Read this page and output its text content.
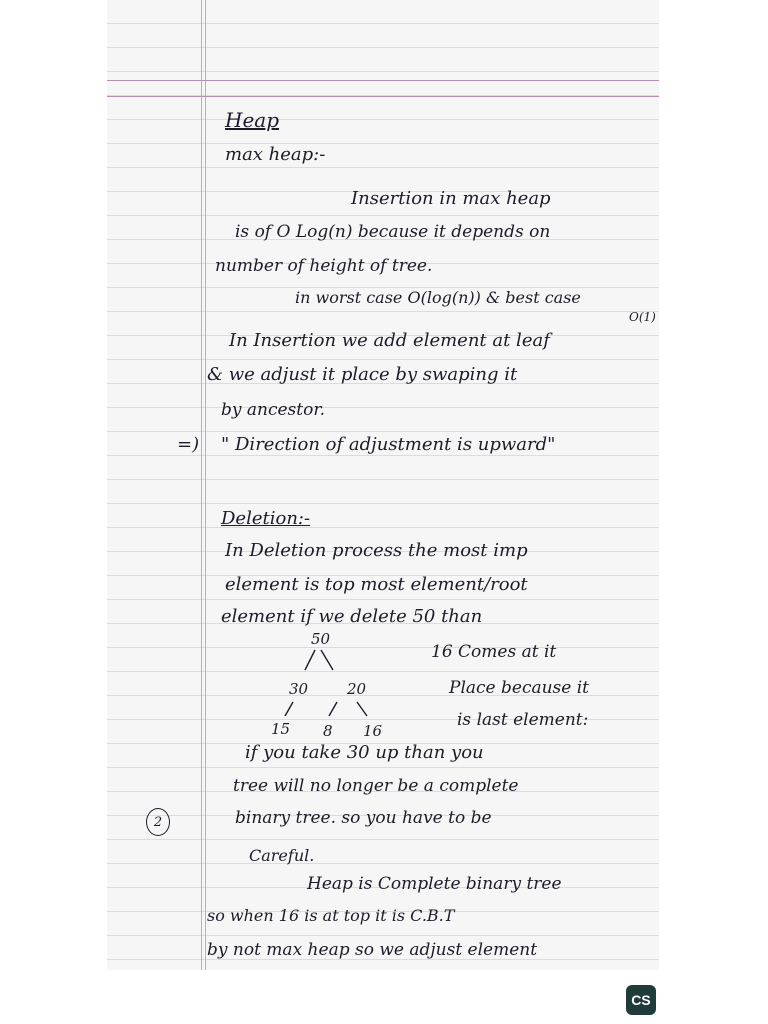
Heap
max heap:-
Insertion in max heap
is of O Log(n) because it depends on
number of height of tree.
in worst case O(log(n)) & best case
O(1)
In Insertion we add element at leaf
& we adjust it place by swaping it
by ancestor.
=) " Direction of adjustment is upward"
Deletion:-
In Deletion process the most imp
element is top most element/root
element if we delete 50 than
16 Comes at it
Place because it
is last element:
if you take 30 up than you
tree will no longer be a complete
binary tree. so you have to be
Careful.
Heap is Complete binary tree
so when 16 is at top it is C.B.T
by not max heap so we adjust element
50
30	20
15 8 16
2
CS
